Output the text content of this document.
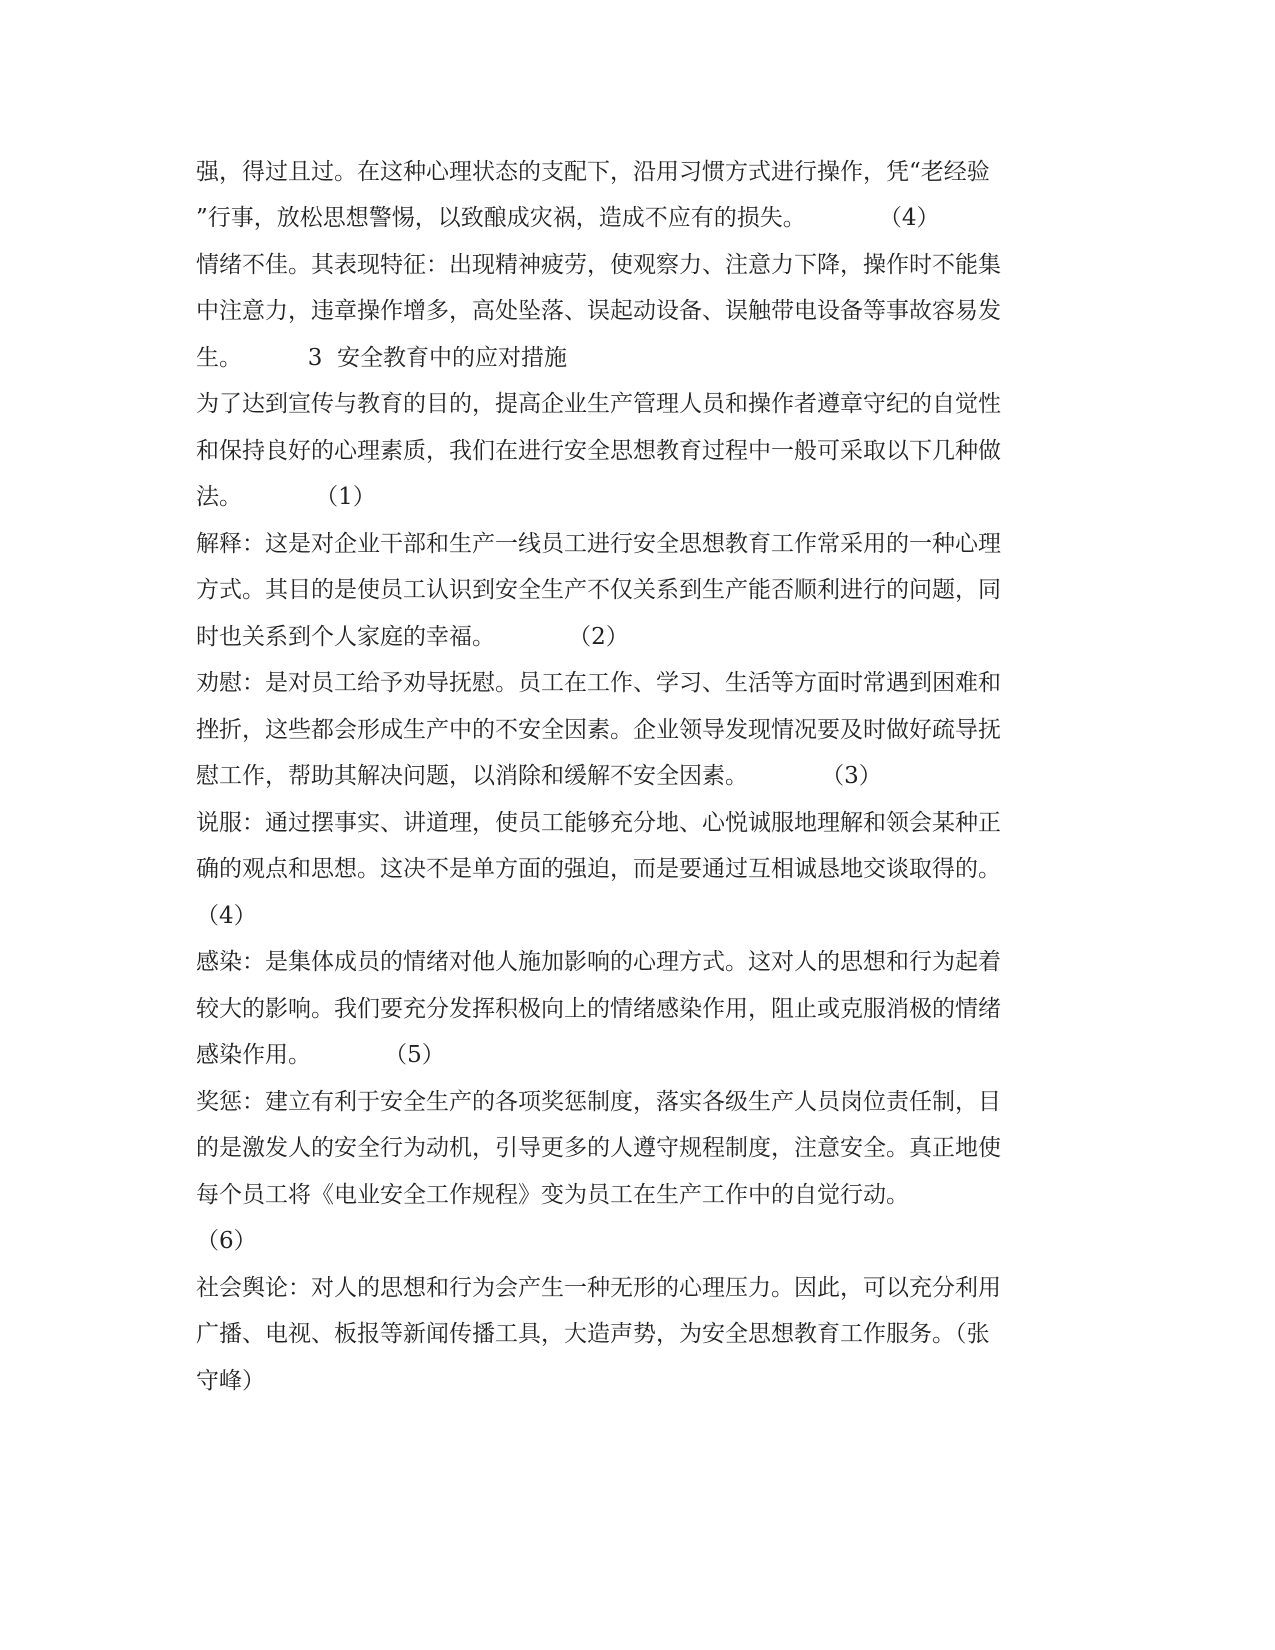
强，得过且过。在这种心理状态的支配下，沿用习惯方式进行操作，凭“老经验
”行事，放松思想警惕，以致酿成灾祸，造成不应有的损失。          （4）
情绪不佳。其表现特征：出现精神疲劳，使观察力、注意力下降，操作时不能集
中注意力，违章操作增多，高处坠落、误起动设备、误触带电设备等事故容易发
生。         3  安全教育中的应对措施
为了达到宣传与教育的目的，提高企业生产管理人员和操作者遵章守纪的自觉性
和保持良好的心理素质，我们在进行安全思想教育过程中一般可采取以下几种做
法。          （1）
解释：这是对企业干部和生产一线员工进行安全思想教育工作常采用的一种心理
方式。其目的是使员工认识到安全生产不仅关系到生产能否顺利进行的问题，同
时也关系到个人家庭的幸福。          （2）
劝慰：是对员工给予劝导抚慰。员工在工作、学习、生活等方面时常遇到困难和
挫折，这些都会形成生产中的不安全因素。企业领导发现情况要及时做好疏导抚
慰工作，帮助其解决问题，以消除和缓解不安全因素。          （3）
说服：通过摆事实、讲道理，使员工能够充分地、心悦诚服地理解和领会某种正
确的观点和思想。这决不是单方面的强迫，而是要通过互相诚恳地交谈取得的。
（4）
感染：是集体成员的情绪对他人施加影响的心理方式。这对人的思想和行为起着
较大的影响。我们要充分发挥积极向上的情绪感染作用，阻止或克服消极的情绪
感染作用。          （5）
奖惩：建立有利于安全生产的各项奖惩制度，落实各级生产人员岗位责任制，目
的是激发人的安全行为动机，引导更多的人遵守规程制度，注意安全。真正地使
每个员工将《电业安全工作规程》变为员工在生产工作中的自觉行动。
（6）
社会舆论：对人的思想和行为会产生一种无形的心理压力。因此，可以充分利用
广播、电视、板报等新闻传播工具，大造声势，为安全思想教育工作服务。（张
守峰）
